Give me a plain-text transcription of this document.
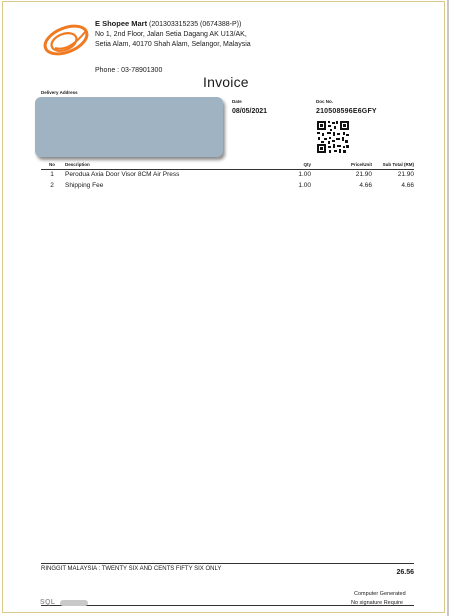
E Shopee Mart (201303315235 (0674388-P))
No 1, 2nd Floor, Jalan Setia Dagang AK U13/AK,
Setia Alam, 40170 Shah Alam, Selangor, Malaysia
Phone : 03-78901300
Invoice
Delivery Address
Date	Doc No.
08/05/2021	210508596E6GFY
No Description	Qty	Price/Unit	Sub Total (RM)
1	Perodua Axia Door Visor 8CM Air Press	1.00	21.90	21.90
2	Shipping Fee	1.00	4.66	4.66
RINGGIT MALAYSIA : TWENTY SIX AND CENTS FIFTY SIX ONLY	26.56
Computer Generated
No signature Require
SQL
